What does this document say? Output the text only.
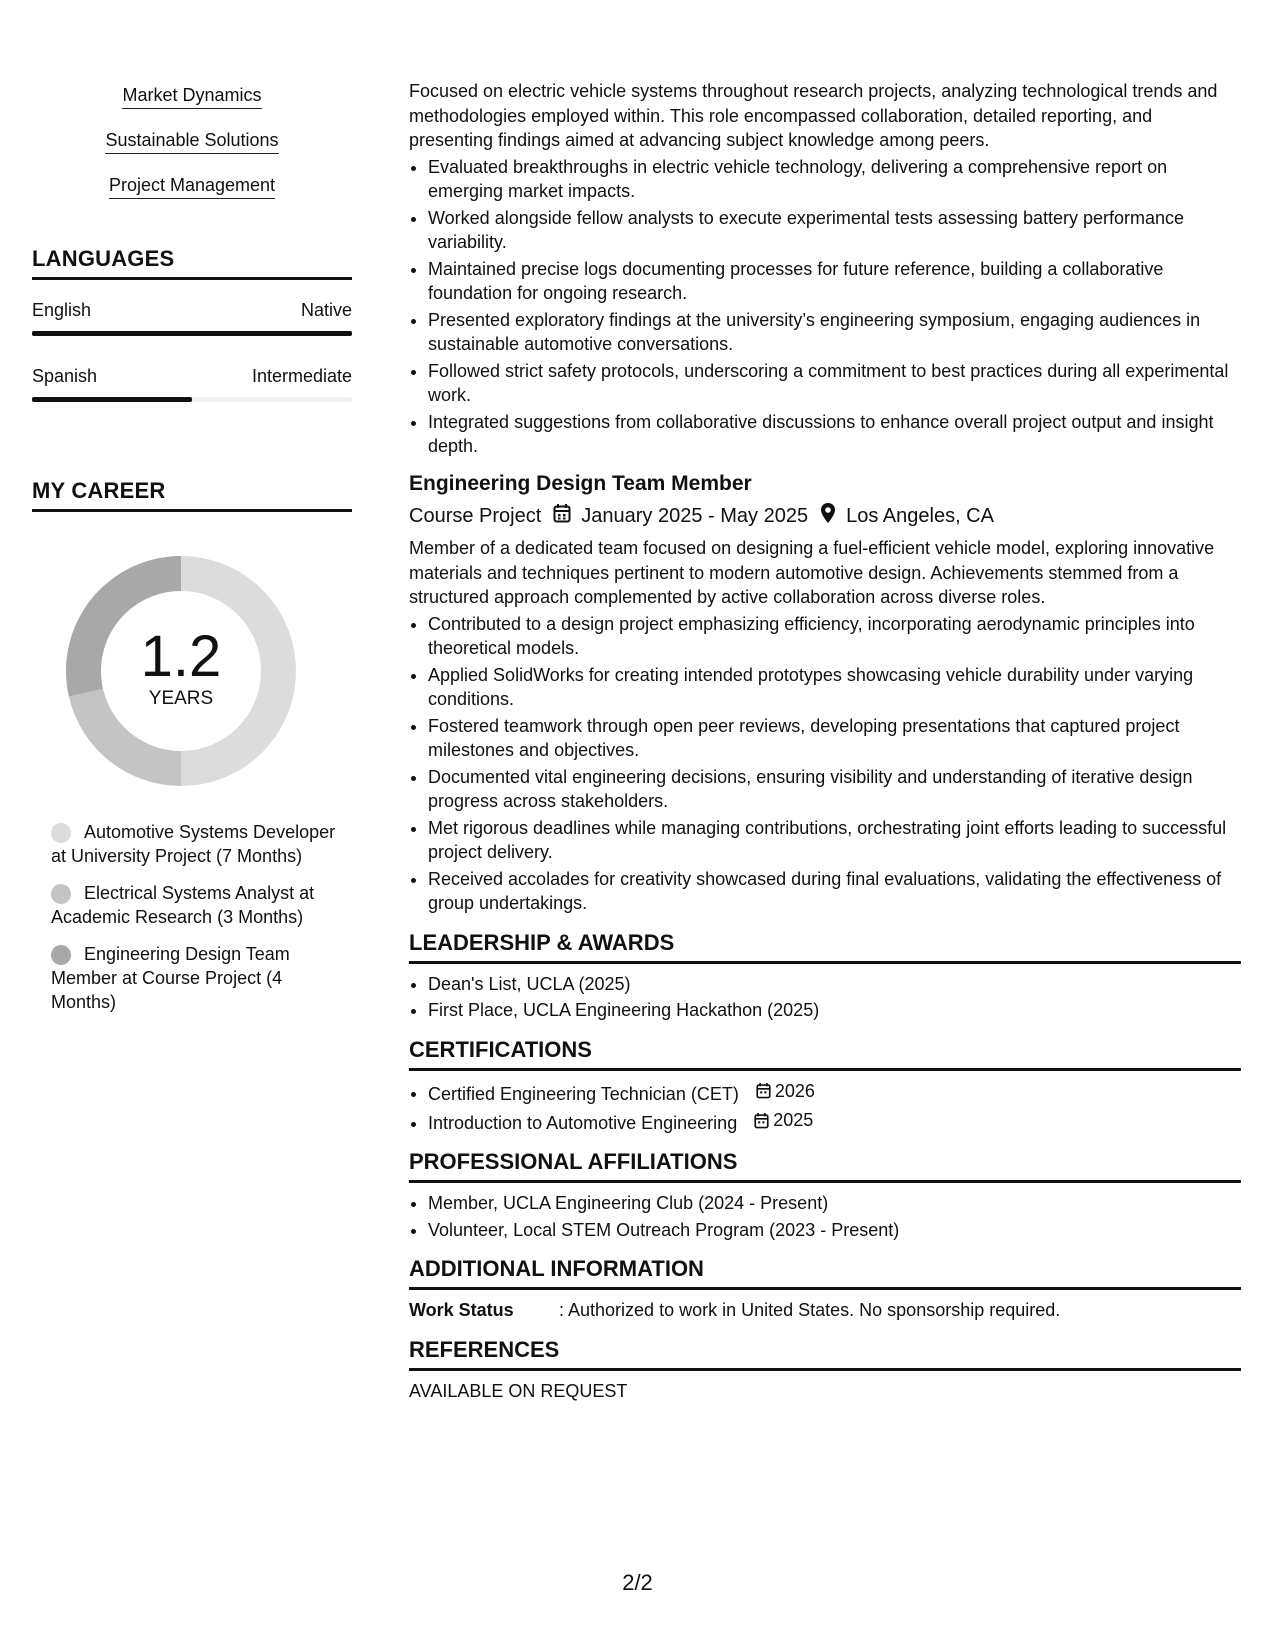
Market Dynamics
Sustainable Solutions
Project Management
LANGUAGES
English	Native
Spanish	Intermediate
MY CAREER
1.2
YEARS
Automotive Systems Developer at University Project (7 Months)
Electrical Systems Analyst at Academic Research (3 Months)
Engineering Design Team Member at Course Project (4 Months)

Focused on electric vehicle systems throughout research projects, analyzing technological trends and methodologies employed within. This role encompassed collaboration, detailed reporting, and presenting findings aimed at advancing subject knowledge among peers.

• Evaluated breakthroughs in electric vehicle technology, delivering a comprehensive report on emerging market impacts.
• Worked alongside fellow analysts to execute experimental tests assessing battery performance variability.
• Maintained precise logs documenting processes for future reference, building a collaborative foundation for ongoing research.
• Presented exploratory findings at the university’s engineering symposium, engaging audiences in sustainable automotive conversations.
• Followed strict safety protocols, underscoring a commitment to best practices during all experimental work.
• Integrated suggestions from collaborative discussions to enhance overall project output and insight depth.
Engineering Design Team Member
Course Project January 2025 - May 2025 Los Angeles, CA

Member of a dedicated team focused on designing a fuel-efficient vehicle model, exploring innovative materials and techniques pertinent to modern automotive design. Achievements stemmed from a structured approach complemented by active collaboration across diverse roles.

• Contributed to a design project emphasizing efficiency, incorporating aerodynamic principles into theoretical models.
• Applied SolidWorks for creating intended prototypes showcasing vehicle durability under varying conditions.
• Fostered teamwork through open peer reviews, developing presentations that captured project milestones and objectives.
• Documented vital engineering decisions, ensuring visibility and understanding of iterative design progress across stakeholders.
• Met rigorous deadlines while managing contributions, orchestrating joint efforts leading to successful project delivery.
• Received accolades for creativity showcased during final evaluations, validating the effectiveness of group undertakings.
LEADERSHIP & AWARDS
• Dean's List, UCLA (2025)
• First Place, UCLA Engineering Hackathon (2025)
CERTIFICATIONS
• Certified Engineering Technician (CET) 2026
• Introduction to Automotive Engineering 2025
PROFESSIONAL AFFILIATIONS
• Member, UCLA Engineering Club (2024 - Present)
• Volunteer, Local STEM Outreach Program (2023 - Present)
ADDITIONAL INFORMATION
Work Status	: Authorized to work in United States. No sponsorship required.
REFERENCES
AVAILABLE ON REQUEST
2/2
